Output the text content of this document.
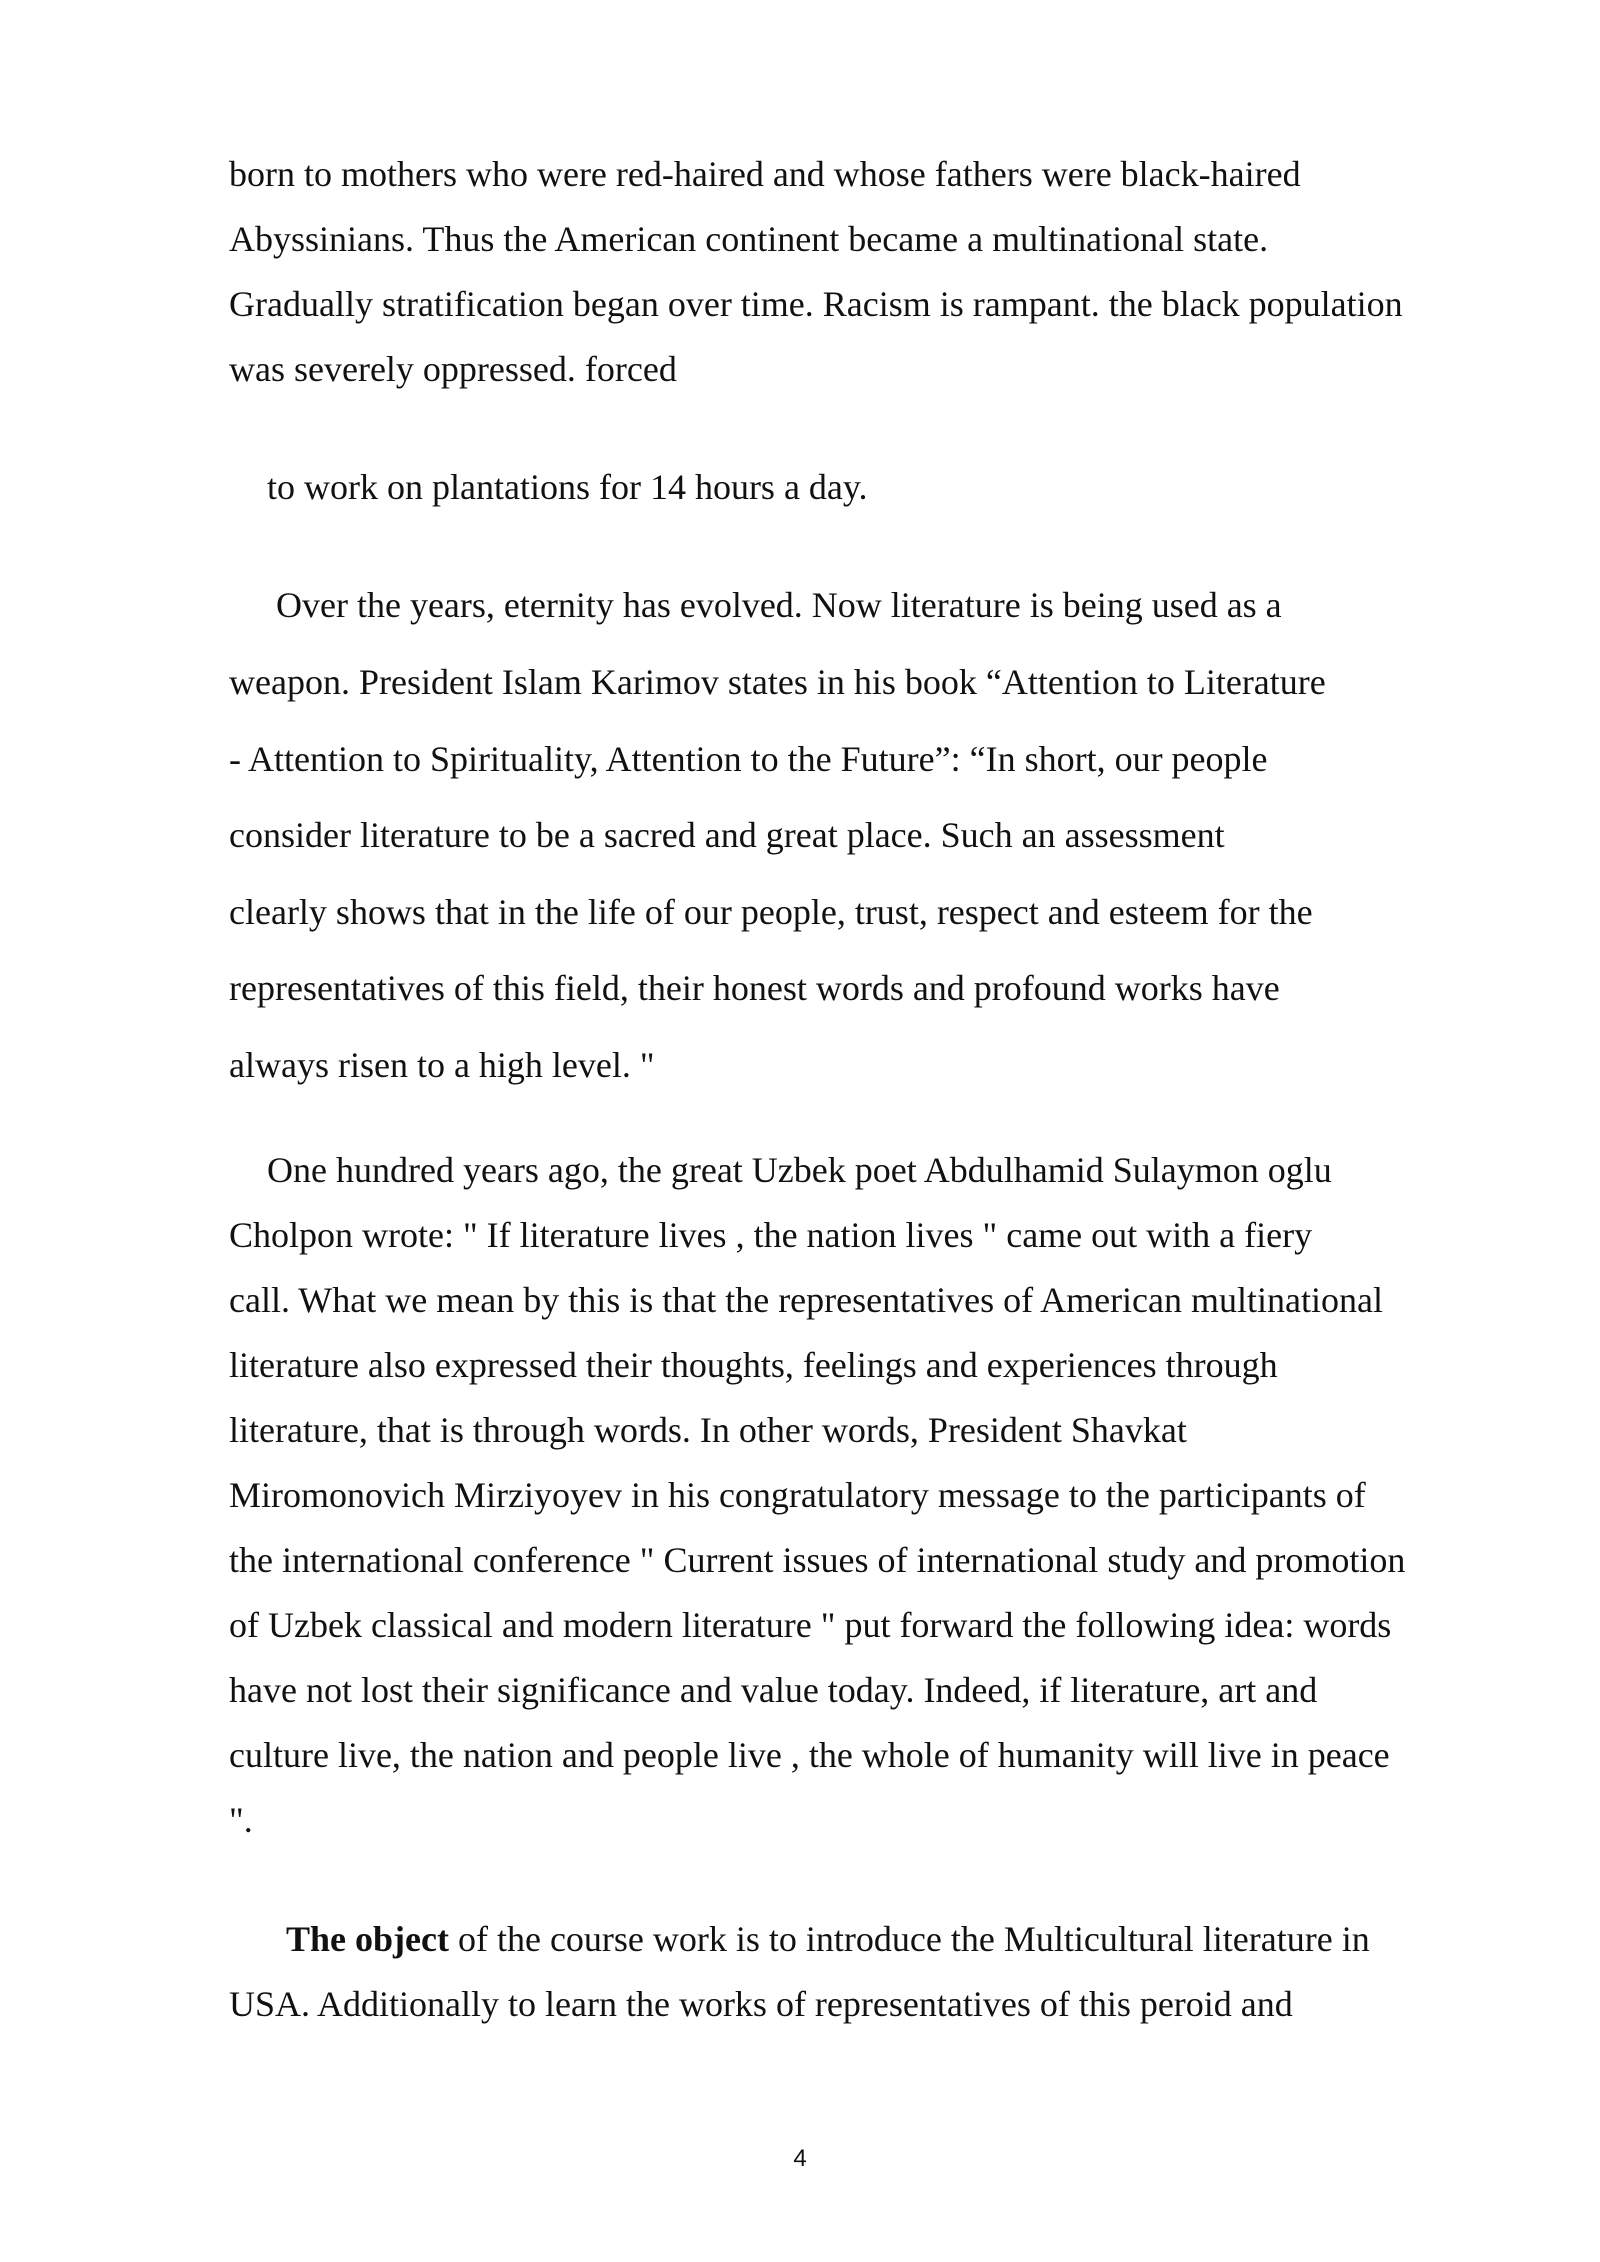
born to mothers who were red-haired and whose fathers were black-haired
Abyssinians. Thus the American continent became a multinational state.
Gradually stratification began over time. Racism is rampant. the black population
was severely oppressed. forced
to work on plantations for 14 hours a day.
Over the years, eternity has evolved. Now literature is being used as a
weapon. President Islam Karimov states in his book “Attention to Literature
- Attention to Spirituality, Attention to the Future”: “In short, our people
consider literature to be a sacred and great place. Such an assessment
clearly shows that in the life of our people, trust, respect and esteem for the
representatives of this field, their honest words and profound works have
always risen to a high level. "
One hundred years ago, the great Uzbek poet Abdulhamid Sulaymon oglu
Cholpon wrote: " If literature lives , the nation lives " came out with a fiery
call. What we mean by this is that the representatives of American multinational
literature also expressed their thoughts, feelings and experiences through
literature, that is through words. In other words, President Shavkat
Miromonovich Mirziyoyev in his congratulatory message to the participants of
the international conference " Current issues of international study and promotion
of Uzbek classical and modern literature " put forward the following idea: words
have not lost their significance and value today. Indeed, if literature, art and
culture live, the nation and people live , the whole of humanity will live in peace
".
The object of the course work is to introduce the Multicultural literature in
USA. Additionally to learn the works of representatives of this peroid and
4
